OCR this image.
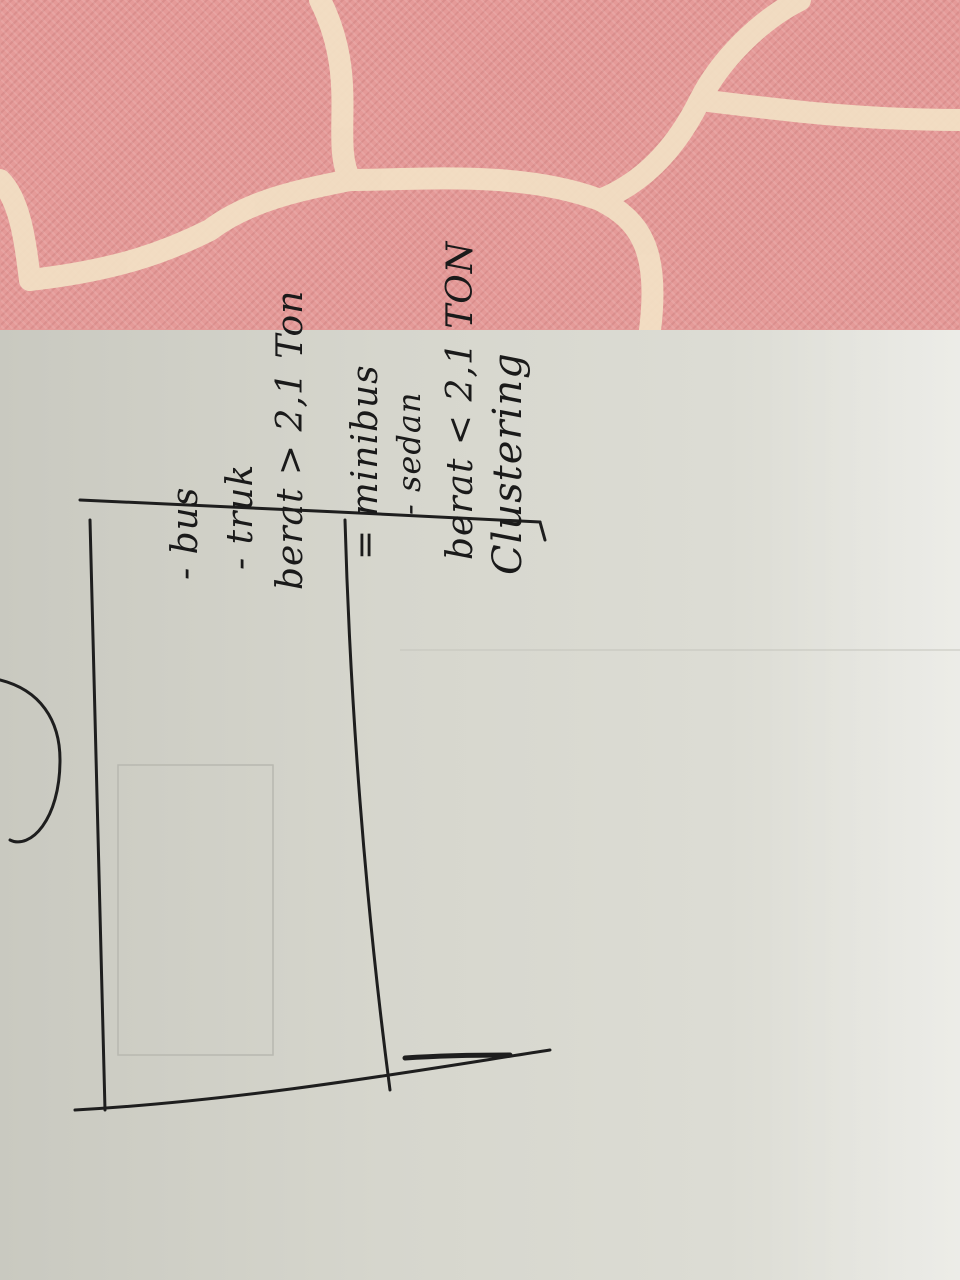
Clustering
berat < 2,1 TON
- sedan
= minibus
berat > 2,1 Ton
- truk
- bus
